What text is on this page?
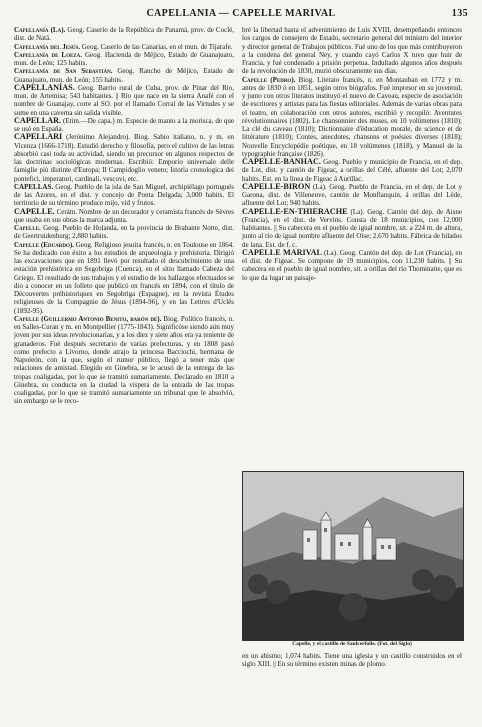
CAPELLANIA — CAPELLE MARIVAL	135

Capellanía (La). Geog. Caserío de la República de Panamá, prov. de Coclé, dist. de Natá.

Capellanía del Jesús. Geog. Caserío de las Canarias, en el mun. de Tijarafe.

Capellanía de Loeza. Geog. Hacienda de Méjico, Estado de Guanajuato, mun. de León; 125 habits.

Capellanía de San Sebastián. Geog. Rancho de Méjico, Estado de Guanajuato, mun. de León; 155 habits.

CAPELLANÍAS. Geog. Barrio rural de Cuba, prov. de Pinar del Río, mun. de Artemisa; 543 habitantes. || Río que nace en la sierra Anafé con el nombre de Guanajay, corre al SO. por el llamado Corral de las Virtudes y se sume en una caverna sin salida visible.

CAPELLAR. (Etim.—De capa.) m. Especie de manto a la morisca, de que se usó en España.

CAPELLARI (Jerónimo Alejandro). Biog. Sabio italiano, n. y m. en Vicenza (1666-1718). Estudió derecho y filosofía, pero el cultivo de las letras absorbió casi toda su actividad, siendo un precursor en algunos respectos de las doctrinas sociológicas modernas. Escribió: Emporio universale delle famiglie più distinte d'Europa; Il Campidoglio veneto; Istoria cronologica dei pontefici, imperatori, cardinali, vescovi, etc.

CAPELLAS. Geog. Pueblo de la isla de San Miguel, archipiélago portugués de las Azores, en el dist. y concejo de Ponta Delgada; 3,000 habits. El territorio de su término produce mijo, vid y frutos.

CAPELLE. Cerám. Nombre de un decorador y ceramista francés de Sèvres que usaba en sus obras la marca adjunta.

Capelle. Geog. Pueblo de Holanda, en la provincia de Brabante Norte, dist. de Geertruidenburg; 2,880 habits.

Capelle (Eduardo). Geog. Religioso jesuita francés, n. en Toulouse en 1864. Se ha dedicado con éxito a los estudios de arqueología y prehistoria. Dirigió las excavaciones que en 1891 llevó por resultado el descubrimiento de una estación prehistórica en Segobriga (Cuenca), en el sitio llamado Cabeza del Griego. El resultado de sus trabajos y el estudio de los hallazgos efectuados se dio a conocer en un folleto que publicó en francés en 1894, con el título de Découvertes préhistoriques en Segobriga (Espagne), en la revista Études religieuses de la Compagnie de Jésus (1894-96), y en las Lettres d'Uclés (1892-95).

Capelle (Guillermo Antonio Benito, barón de). Biog. Político francés, n. en Salles-Curan y m. en Montpellier (1775-1843). Significóse siendo aún muy joven por sus ideas revolucionarias, y a los diez y siete años era ya teniente de granaderos. Fué después secretario de varias prefecturas, y en 1808 pasó como prefecto a Livorno, donde atrajo la princesa Bacciochi, hermana de Napoleón, con la que, según el rumor público, llegó a tener más que relaciones de amistad. Elegido en Ginebra, se le acusó de la entrega de las tropas coaligadas, por lo que se tramitó sumariamente. Declarado en 1810 a Ginebra, su conducta en la ciudad la víspera de la entrada de las tropas coaligadas, por lo que se tramitó sumariamente un tribunal que le absolvió, sin embargo se le reco-

bré la libertad hasta el advenimiento de Luis XVIII, desempeñando entonces los cargos de consejero de Estado, secretario general del ministro del interior y director general de Trabajos públicos. Fué uno de los que más contribuyeron a la condena del general Ney, y cuando cayó Carlos X tuvo que huir de Francia, y fué condenado a prisión perpetua. Indultado algunos años después de la revolución de 1830, murió obscuramente sus días.

Capelle (Pedro). Biog. Literato francés, n. en Montauban en 1772 y m. antes de 1830 ó en 1851, según otros biógrafos. Fué impresor en su juventud, y junto con otros literatos instituyó el nuevo de Caveau, especie de asociación de escritores y artistas para las fiestas editoriales. Además de varias obras para el teatro, en colaboración con otros autores, escribió y recopiló: Aventures révolutionnaires (1802), Le chansonnier des muses, en 10 volúmenes (1810); La clé du caveau (1810); Dictionnaire d'éducation morale, de science et de littérature (1810); Contes, anecdotes, chansons et poésies diverses (1818); Nouvelle Encyclopédie poétique, en 18 volúmenes (1818), y Manuel de la typographie française (1826).

CAPELLE-BANHAC. Geog. Pueblo y municipio de Francia, en el dep. de Lot, dist. y cantón de Figeac, a orillas del Célé, afluente del Lot; 2,070 habits. Est. en la línea de Figeac á Aurillac.

CAPELLE-BIRON (La). Geog. Pueblo de Francia, en el dep. de Lot y Garona, dist. de Villeneuve, cantón de Monflanquin, á orillas del Lède, afluente del Lot; 940 habits.

CAPELLE-EN-THIERACHE (La). Geog. Cantón del dep. de Aisne (Francia), en el dist. de Vervins. Consta de 18 municipios, con 12,000 habitantes. || Su cabecera en el pueblo de igual nombre, sit. a 224 m. de altura, junto al río de igual nombre afluente del Oise; 2,670 habits. Fábrica de hilados de lana. Est. de f. c.

CAPELLE MARIVAL (La). Geog. Cantón del dep. de Lot (Francia), en el dist. de Figeac. Se compone de 19 municipios, con 11,230 habits. || Su cabecera en el pueblo de igual nombre, sit. a orillas del río Thominatte, que es lo que da lugar un paisaje-

Capelle, y el castillo de Saulcerfolle. (Fot. del Siglo)
en un abismo; 1,074 habits. Tiene una iglesia y un castillo construidos en el siglo XIII. || En su término existen minas de plomo.
